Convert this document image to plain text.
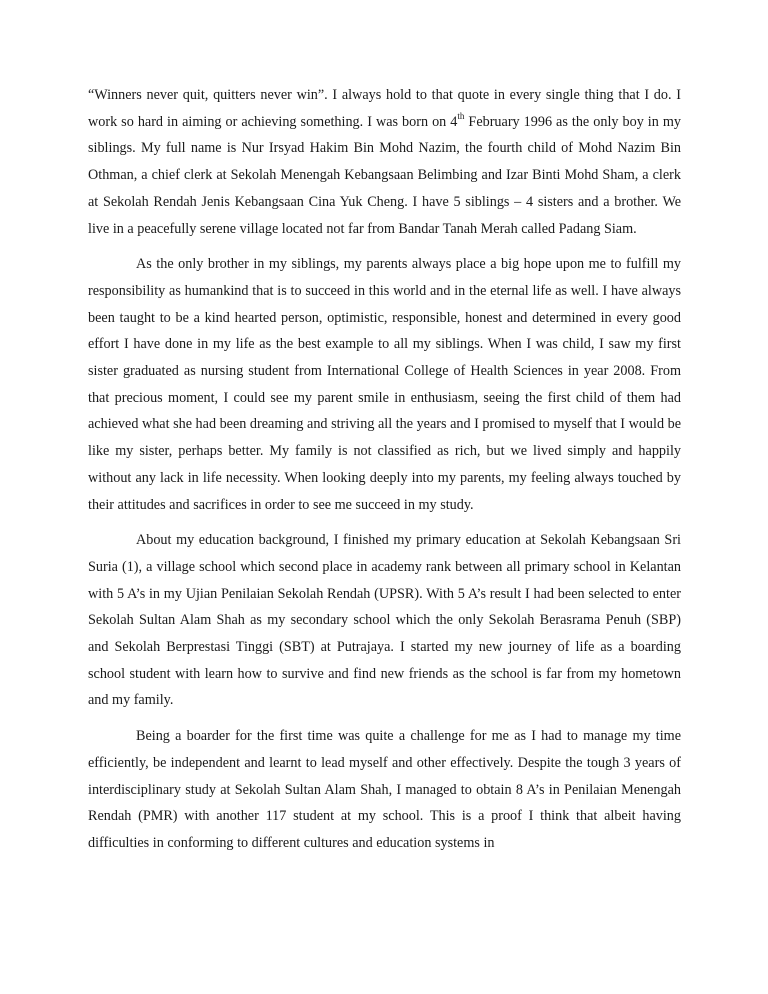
“Winners never quit, quitters never win”. I always hold to that quote in every single thing that I do. I work so hard in aiming or achieving something. I was born on 4th February 1996 as the only boy in my siblings. My full name is Nur Irsyad Hakim Bin Mohd Nazim, the fourth child of Mohd Nazim Bin Othman, a chief clerk at Sekolah Menengah Kebangsaan Belimbing and Izar Binti Mohd Sham, a clerk at Sekolah Rendah Jenis Kebangsaan Cina Yuk Cheng. I have 5 siblings – 4 sisters and a brother. We live in a peacefully serene village located not far from Bandar Tanah Merah called Padang Siam.

As the only brother in my siblings, my parents always place a big hope upon me to fulfill my responsibility as humankind that is to succeed in this world and in the eternal life as well. I have always been taught to be a kind hearted person, optimistic, responsible, honest and determined in every good effort I have done in my life as the best example to all my siblings. When I was child, I saw my first sister graduated as nursing student from International College of Health Sciences in year 2008. From that precious moment, I could see my parent smile in enthusiasm, seeing the first child of them had achieved what she had been dreaming and striving all the years and I promised to myself that I would be like my sister, perhaps better. My family is not classified as rich, but we lived simply and happily without any lack in life necessity. When looking deeply into my parents, my feeling always touched by their attitudes and sacrifices in order to see me succeed in my study.

About my education background, I finished my primary education at Sekolah Kebangsaan Sri Suria (1), a village school which second place in academy rank between all primary school in Kelantan with 5 A’s in my Ujian Penilaian Sekolah Rendah (UPSR). With 5 A’s result I had been selected to enter Sekolah Sultan Alam Shah as my secondary school which the only Sekolah Berasrama Penuh (SBP) and Sekolah Berprestasi Tinggi (SBT) at Putrajaya. I started my new journey of life as a boarding school student with learn how to survive and find new friends as the school is far from my hometown and my family.

Being a boarder for the first time was quite a challenge for me as I had to manage my time efficiently, be independent and learnt to lead myself and other effectively. Despite the tough 3 years of interdisciplinary study at Sekolah Sultan Alam Shah, I managed to obtain 8 A’s in Penilaian Menengah Rendah (PMR) with another 117 student at my school. This is a proof I think that albeit having difficulties in conforming to different cultures and education systems in
